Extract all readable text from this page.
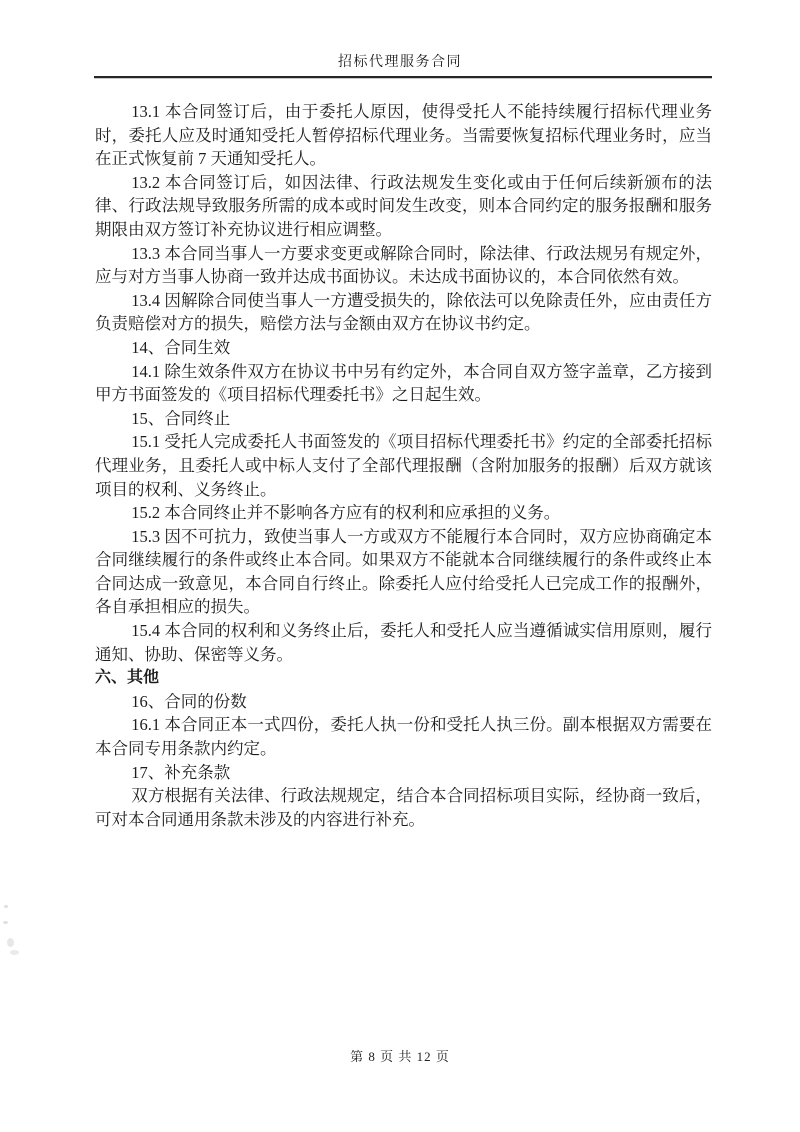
招标代理服务合同

13.1 本合同签订后，由于委托人原因，使得受托人不能持续履行招标代理业务时，委托人应及时通知受托人暂停招标代理业务。当需要恢复招标代理业务时，应当在正式恢复前 7 天通知受托人。

13.2 本合同签订后，如因法律、行政法规发生变化或由于任何后续新颁布的法律、行政法规导致服务所需的成本或时间发生改变，则本合同约定的服务报酬和服务期限由双方签订补充协议进行相应调整。

13.3 本合同当事人一方要求变更或解除合同时，除法律、行政法规另有规定外，应与对方当事人协商一致并达成书面协议。未达成书面协议的，本合同依然有效。

13.4 因解除合同使当事人一方遭受损失的，除依法可以免除责任外，应由责任方负责赔偿对方的损失，赔偿方法与金额由双方在协议书约定。

14、合同生效

14.1 除生效条件双方在协议书中另有约定外，本合同自双方签字盖章，乙方接到甲方书面签发的《项目招标代理委托书》之日起生效。

15、合同终止

15.1 受托人完成委托人书面签发的《项目招标代理委托书》约定的全部委托招标代理业务，且委托人或中标人支付了全部代理报酬（含附加服务的报酬）后双方就该项目的权利、义务终止。

15.2 本合同终止并不影响各方应有的权利和应承担的义务。

15.3 因不可抗力，致使当事人一方或双方不能履行本合同时，双方应协商确定本合同继续履行的条件或终止本合同。如果双方不能就本合同继续履行的条件或终止本合同达成一致意见，本合同自行终止。除委托人应付给受托人已完成工作的报酬外，各自承担相应的损失。

15.4 本合同的权利和义务终止后，委托人和受托人应当遵循诚实信用原则，履行通知、协助、保密等义务。

六、其他

16、合同的份数

16.1 本合同正本一式四份，委托人执一份和受托人执三份。副本根据双方需要在本合同专用条款内约定。

17、补充条款

双方根据有关法律、行政法规规定，结合本合同招标项目实际，经协商一致后，可对本合同通用条款未涉及的内容进行补充。

第 8 页 共 12 页
